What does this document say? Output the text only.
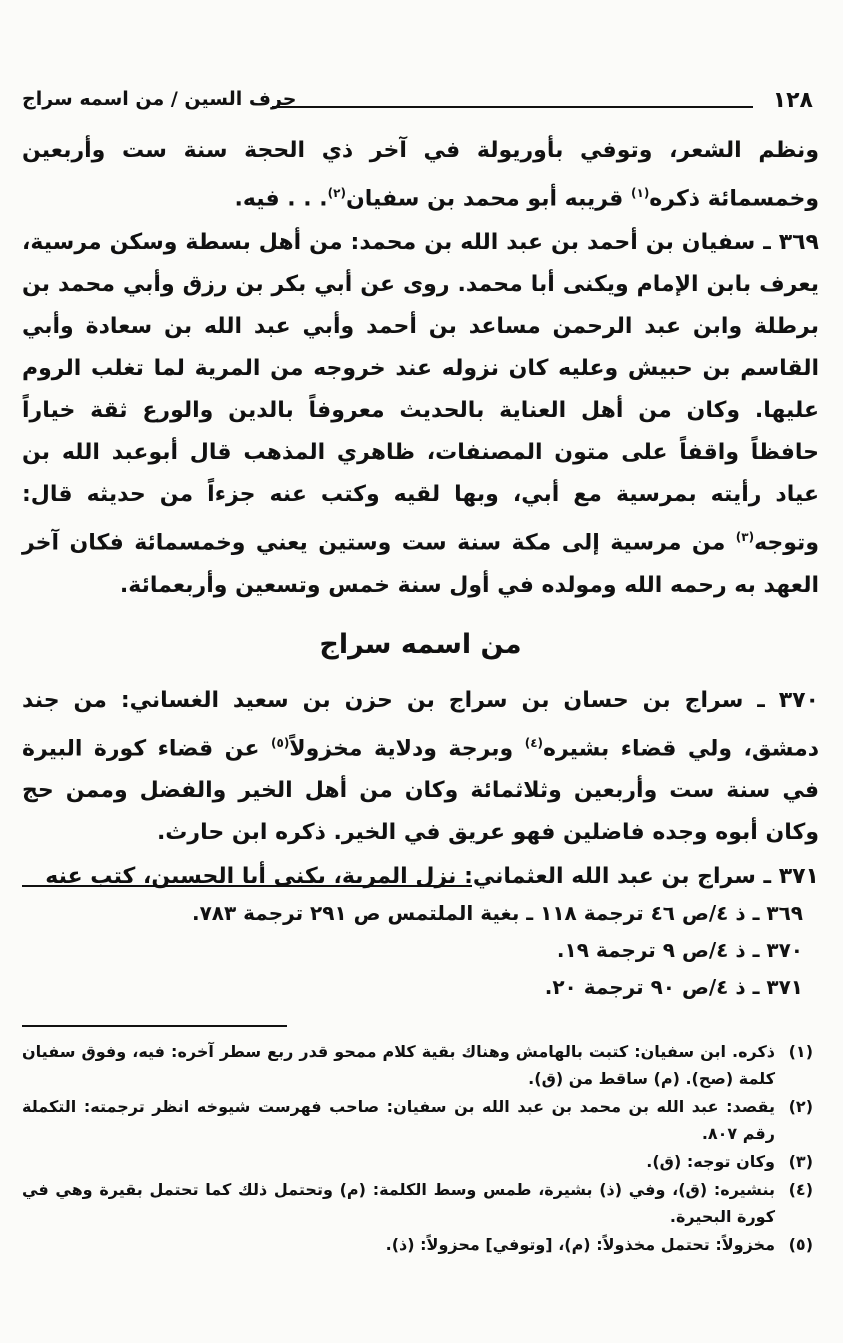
١٢٨
حرف السين / من اسمه سراج

ونظم الشعر، وتوفي بأوريولة في آخر ذي الحجة سنة ست وأربعين وخمسمائة ذكره$^{(١)}$ قريبه أبو محمد بن سفيان$^{(٢)}$. . . فيه.

٣٦٩ ـ سفيان بن أحمد بن عبد الله بن محمد: من أهل بسطة وسكن مرسية، يعرف بابن الإمام ويكنى أبا محمد. روى عن أبي بكر بن رزق وأبي محمد بن برطلة وابن عبد الرحمن مساعد بن أحمد وأبي عبد الله بن سعادة وأبي القاسم بن حبيش وعليه كان نزوله عند خروجه من المرية لما تغلب الروم عليها. وكان من أهل العناية بالحديث معروفاً بالدين والورع ثقة خياراً حافظاً واقفاً على متون المصنفات، ظاهري المذهب قال أبوعبد الله بن عياد رأيته بمرسية مع أبي، وبها لقيه وكتب عنه جزءاً من حديثه قال: وتوجه$^{(٣)}$ من مرسية إلى مكة سنة ست وستين يعني وخمسمائة فكان آخر العهد به رحمه الله ومولده في أول سنة خمس وتسعين وأربعمائة.

من اسمه سراج

٣٧٠ ـ سراج بن حسان بن سراج بن حزن بن سعيد الغساني: من جند دمشق، ولي قضاء بشيره$^{(٤)}$ وبرجة ودلاية مخزولاً$^{(٥)}$ عن قضاء كورة البيرة في سنة ست وأربعين وثلاثمائة وكان من أهل الخير والفضل وممن حج وكان أبوه وجده فاضلين فهو عريق في الخير. ذكره ابن حارث.

٣٧١ ـ سراج بن عبد الله العثماني: نزل المرية، يكنى أبا الحسين، كتب عنه

٣٦٩ ـ ذ ٤/ص ٤٦ ترجمة ١١٨ ـ بغية الملتمس ص ٢٩١ ترجمة ٧٨٣.
٣٧٠ ـ ذ ٤/ص ٩ ترجمة ١٩.
٣٧١ ـ ذ ٤/ص ٩٠ ترجمة ٢٠.
(١)
ذكره. ابن سفيان: كتبت بالهامش وهناك بقية كلام ممحو قدر ربع سطر آخره: فيه، وفوق سفيان كلمة (صح). (م) ساقط من (ق).
(٢)
يقصد: عبد الله بن محمد بن عبد الله بن سفيان: صاحب فهرست شيوخه انظر ترجمته: التكملة رقم ٨٠٧.
(٣)
وكان توجه: (ق).
(٤)
بنشيره: (ق)، وفي (ذ) بشيرة، طمس وسط الكلمة: (م) وتحتمل ذلك كما تحتمل بقيرة وهي في كورة البحيرة.
(٥)
مخزولاً: تحتمل مخذولاً: (م)، [وتوفي] محزولاً: (ذ).
